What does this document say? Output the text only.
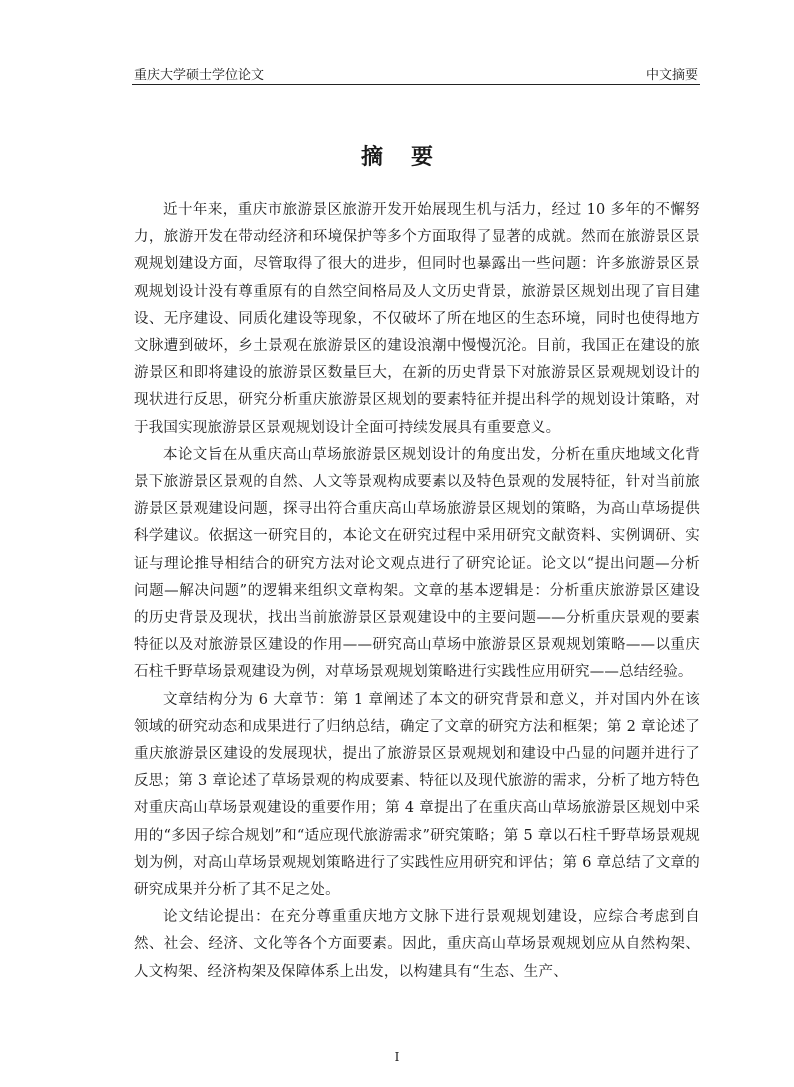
重庆大学硕士学位论文	中文摘要
摘要

近十年来，重庆市旅游景区旅游开发开始展现生机与活力，经过 10 多年的不懈努力，旅游开发在带动经济和环境保护等多个方面取得了显著的成就。然而在旅游景区景观规划建设方面，尽管取得了很大的进步，但同时也暴露出一些问题：许多旅游景区景观规划设计没有尊重原有的自然空间格局及人文历史背景，旅游景区规划出现了盲目建设、无序建设、同质化建设等现象，不仅破坏了所在地区的生态环境，同时也使得地方文脉遭到破坏，乡土景观在旅游景区的建设浪潮中慢慢沉沦。目前，我国正在建设的旅游景区和即将建设的旅游景区数量巨大，在新的历史背景下对旅游景区景观规划设计的现状进行反思，研究分析重庆旅游景区规划的要素特征并提出科学的规划设计策略，对于我国实现旅游景区景观规划设计全面可持续发展具有重要意义。

本论文旨在从重庆高山草场旅游景区规划设计的角度出发，分析在重庆地域文化背景下旅游景区景观的自然、人文等景观构成要素以及特色景观的发展特征，针对当前旅游景区景观建设问题，探寻出符合重庆高山草场旅游景区规划的策略，为高山草场提供科学建议。依据这一研究目的，本论文在研究过程中采用研究文献资料、实例调研、实证与理论推导相结合的研究方法对论文观点进行了研究论证。论文以“提出问题—分析问题—解决问题”的逻辑来组织文章构架。文章的基本逻辑是：分析重庆旅游景区建设的历史背景及现状，找出当前旅游景区景观建设中的主要问题——分析重庆景观的要素特征以及对旅游景区建设的作用——研究高山草场中旅游景区景观规划策略——以重庆石柱千野草场景观建设为例，对草场景观规划策略进行实践性应用研究——总结经验。

文章结构分为 6 大章节：第 1 章阐述了本文的研究背景和意义，并对国内外在该领域的研究动态和成果进行了归纳总结，确定了文章的研究方法和框架；第 2 章论述了重庆旅游景区建设的发展现状，提出了旅游景区景观规划和建设中凸显的问题并进行了反思；第 3 章论述了草场景观的构成要素、特征以及现代旅游的需求，分析了地方特色对重庆高山草场景观建设的重要作用；第 4 章提出了在重庆高山草场旅游景区规划中采用的“多因子综合规划”和“适应现代旅游需求”研究策略；第 5 章以石柱千野草场景观规划为例，对高山草场景观规划策略进行了实践性应用研究和评估；第 6 章总结了文章的研究成果并分析了其不足之处。

论文结论提出：在充分尊重重庆地方文脉下进行景观规划建设，应综合考虑到自然、社会、经济、文化等各个方面要素。因此，重庆高山草场景观规划应从自然构架、人文构架、经济构架及保障体系上出发，以构建具有“生态、生产、

I
